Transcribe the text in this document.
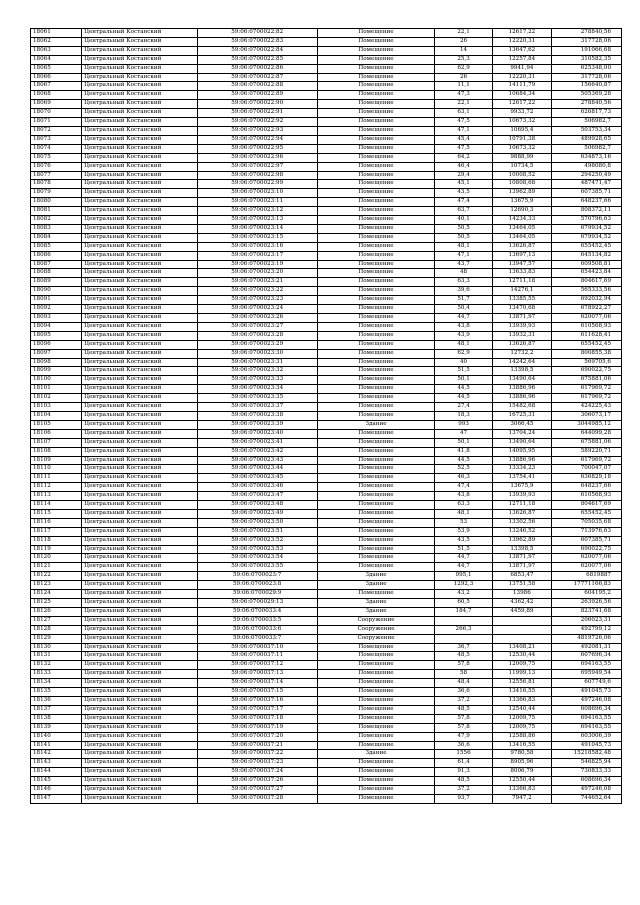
18061	Центральный Костанский	59:06:0700022:82	Помещение	22,1	12617,22	278840,56
18062	Центральный Костанский	59:06:0700022:83	Помещение	26	12220,31	317728,06
18063	Центральный Костанский	59:06:0700022:84	Помещение	14	13647,62	191066,68
18064	Центральный Костанский	59:06:0700022:85	Помещение	25,3	12257,84	310582,35
18065	Центральный Костанский	59:06:0700022:86	Помещение	62,9	9941,94	625348,00
18066	Центральный Костанский	59:06:0700022:87	Помещение	26	12220,31	317728,06
18067	Центральный Костанский	59:06:0700022:88	Помещение	11,1	14111,79	156640,87
18068	Центральный Костанский	59:06:0700022:89	Помещение	47,3	10684,34	505369,28
18069	Центральный Костанский	59:06:0700022:90	Помещение	22,1	12617,22	278840,56
18070	Центральный Костанский	59:06:0700022:91	Помещение	63,1	9933,72	626817,73
18071	Центральный Костанский	59:06:0700022:92	Помещение	47,5	10673,32	506982,7
18072	Центральный Костанский	59:06:0700022:93	Помещение	47,1	10695,4	503753,34
18073	Центральный Костанский	59:06:0700022:94	Помещение	45,4	10791,38	489928,65
18074	Центральный Костанский	59:06:0700022:95	Помещение	47,5	10673,32	506982,7
18075	Центральный Костанский	59:06:0700022:96	Помещение	64,2	9888,99	634873,16
18076	Центральный Костанский	59:06:0700022:97	Помещение	46,4	10734,5	498080,8
18077	Центральный Костанский	59:06:0700022:98	Помещение	29,4	10008,52	294250,49
18078	Центральный Костанский	59:06:0700022:99	Помещение	45,1	10808,68	487471,47
18079	Центральный Костанский	59:06:0700023:10	Помещение	43,5	13962,89	607385,71
18080	Центральный Костанский	59:06:0700023:11	Помещение	47,4	13675,9	648237,66
18081	Центральный Костанский	59:06:0700023:12	Помещение	63,7	12690,3	808372,11
18082	Центральный Костанский	59:06:0700023:13	Помещение	40,1	14234,33	570796,63
18083	Центральный Костанский	59:06:0700023:14	Помещение	50,5	13464,05	679934,52
18084	Центральный Костанский	59:06:0700023:15	Помещение	50,5	13464,05	679934,52
18085	Центральный Костанский	59:06:0700023:16	Помещение	48,1	13626,87	655452,45
18086	Центральный Костанский	59:06:0700023:17	Помещение	47,1	13697,13	645134,82
18087	Центральный Костанский	59:06:0700023:19	Помещение	43,7	13947,57	609508,81
18088	Центральный Костанский	59:06:0700023:20	Помещение	48	13633,83	654423,84
18089	Центральный Костанский	59:06:0700023:21	Помещение	63,3	12711,18	804617,69
18090	Центральный Костанский	59:06:0700023:22	Помещение	39,6	14276,1	565333,56
18091	Центральный Костанский	59:06:0700023:23	Помещение	51,7	13385,55	692032,94
18092	Центральный Костанский	59:06:0700023:24	Помещение	50,4	13470,68	678922,27
18093	Центральный Костанский	59:06:0700023:26	Помещение	44,7	13871,97	620077,06
18094	Центральный Костанский	59:06:0700023:27	Помещение	43,8	13939,93	610568,93
18095	Центральный Костанский	59:06:0700023:28	Помещение	43,9	13932,31	611628,41
18096	Центральный Костанский	59:06:0700023:29	Помещение	48,1	13626,87	655452,45
18097	Центральный Костанский	59:06:0700023:30	Помещение	62,9	12732,2	800855,38
18098	Центральный Костанский	59:06:0700023:31	Помещение	40	14242,64	569705,6
18099	Центральный Костанский	59:06:0700023:32	Помещение	51,5	13398,5	690022,75
18100	Центральный Костанский	59:06:0700023:33	Помещение	50,1	13490,64	675881,06
18101	Центральный Костанский	59:06:0700023:34	Помещение	44,5	13886,96	617969,72
18102	Центральный Костанский	59:06:0700023:35	Помещение	44,5	13886,96	617969,72
18103	Центральный Костанский	59:06:0700023:37	Помещение	27,4	15482,68	424225,43
18104	Центральный Костанский	59:06:0700023:38	Помещение	18,3	16725,31	306073,17
18105	Центральный Костанский	59:06:0700023:39	Здание	993	3066,45	3044985,12
18106	Центральный Костанский	59:06:0700023:40	Помещение	47	13704,24	644099,28
18107	Центральный Костанский	59:06:0700023:41	Помещение	50,1	13490,64	675881,06
18108	Центральный Костанский	59:06:0700023:42	Помещение	41,8	14095,95	589220,71
18109	Центральный Костанский	59:06:0700023:43	Помещение	44,5	13886,96	617969,72
18110	Центральный Костанский	59:06:0700023:44	Помещение	52,5	13334,23	700047,07
18111	Центральный Костанский	59:06:0700023:45	Помещение	46,3	13754,41	636829,18
18112	Центральный Костанский	59:06:0700023:46	Помещение	47,4	13675,9	648237,66
18113	Центральный Костанский	59:06:0700023:47	Помещение	43,8	13939,93	610568,93
18114	Центральный Костанский	59:06:0700023:48	Помещение	63,3	12711,18	804617,69
18115	Центральный Костанский	59:06:0700023:49	Помещение	48,1	13626,87	655452,45
18116	Центральный Костанский	59:06:0700023:50	Помещение	53	13302,56	705035,68
18117	Центральный Костанский	59:06:0700023:51	Помещение	53,9	13246,52	713976,63
18118	Центральный Костанский	59:06:0700023:52	Помещение	43,5	13962,89	607385,71
18119	Центральный Костанский	59:06:0700023:53	Помещение	51,5	13398,5	690022,75
18120	Центральный Костанский	59:06:0700023:54	Помещение	44,7	13871,97	620077,06
18121	Центральный Костанский	59:06:0700023:55	Помещение	44,7	13871,97	620077,06
18122	Центральный Костанский	59:06:0700023:7	Здание	995,1	6853,47	6819887
18123	Центральный Костанский	59:06:0700023:8	Здание	1292,3	13751,58	17771166,83
18124	Центральный Костанский	59:06:0700029:9	Помещение	43,2	13986	604195,2
18125	Центральный Костанский	59:06:0700029:13	Здание	60,5	4362,42	263926,56
18126	Центральный Костанский	59:06:0700033:4	Здание	184,7	4459,89	823741,68
18127	Центральный Костанский	59:06:0700033:5	Сооружение			206023,31
18128	Центральный Костанский	59:06:0700033:6	Сооружение	266,3		492799,12
18129	Центральный Костанский	59:06:0700033:7	Сооружение			4819726,06
18130	Центральный Костанский	59:06:0700037:10	Помещение	36,7	13408,21	492081,31
18131	Центральный Костанский	59:06:0700037:11	Помещение	48,5	12530,44	607696,34
18132	Центральный Костанский	59:06:0700037:12	Помещение	57,8	12009,75	694163,55
18133	Центральный Костанский	59:06:0700037:13	Помещение	58	11999,13	695949,54
18134	Центральный Костанский	59:06:0700037:14	Помещение	48,4	12556,81	607749,6
18135	Центральный Костанский	59:06:0700037:15	Помещение	36,6	13416,55	491045,73
18136	Центральный Костанский	59:06:0700037:16	Помещение	37,2	13366,83	497246,08
18137	Центральный Костанский	59:06:0700037:17	Помещение	48,5	12540,44	608696,34
18138	Центральный Костанский	59:06:0700037:18	Помещение	57,8	12009,75	694163,55
18139	Центральный Костанский	59:06:0700037:19	Помещение	57,8	12009,75	694163,55
18140	Центральный Костанский	59:06:0700037:20	Помещение	47,9	12588,86	603006,39
18141	Центральный Костанский	59:06:0700037:21	Помещение	36,6	13416,55	491045,73
18142	Центральный Костанский	59:06:0700037:22	Здание	1556	9780,58	15218582,48
18143	Центральный Костанский	59:06:0700037:23	Помещение	61,4	8905,96	546825,94
18144	Центральный Костанский	59:06:0700037:24	Помещение	91,3	8006,79	730833,33
18145	Центральный Костанский	59:06:0700037:26	Помещение	48,5	12550,44	608696,34
18146	Центральный Костанский	59:06:0700037:27	Помещение	37,2	13366,83	497246,08
18147	Центральный Костанский	59:06:0700037:28	Помещение	93,7	7947,2	744652,64
